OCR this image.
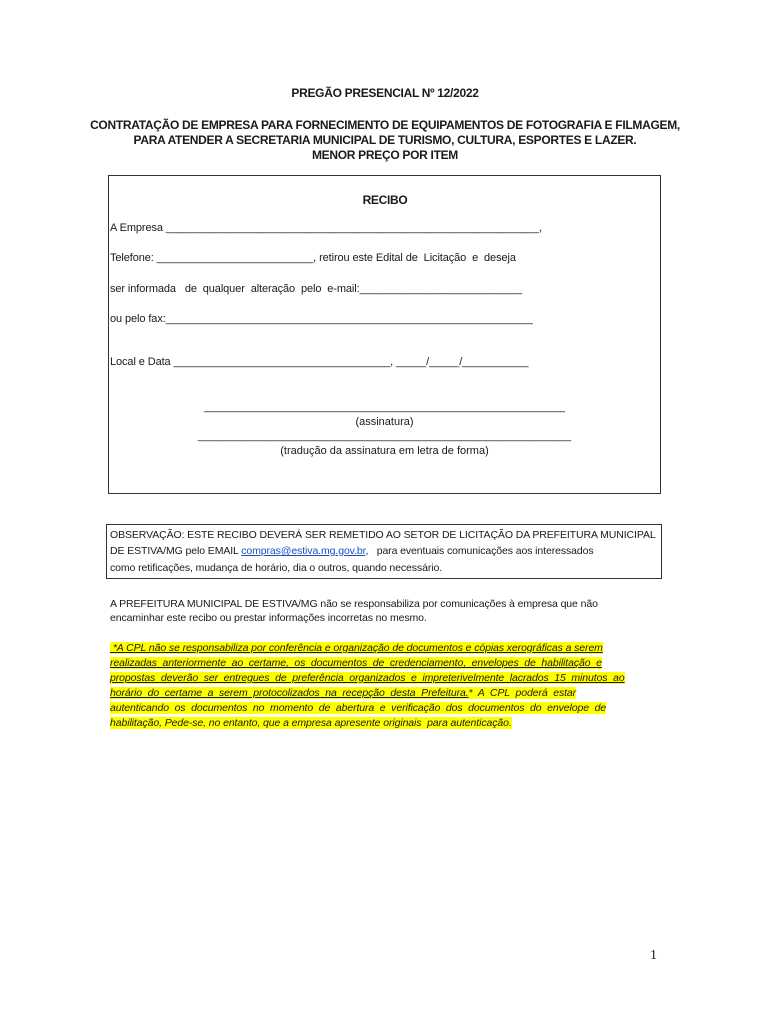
PREGÃO PRESENCIAL Nº 12/2022
CONTRATAÇÃO DE EMPRESA PARA FORNECIMENTO DE EQUIPAMENTOS DE FOTOGRAFIA E FILMAGEM,
PARA ATENDER A SECRETARIA MUNICIPAL DE TURISMO, CULTURA, ESPORTES E LAZER.
MENOR PREÇO POR ITEM
RECIBO
A Empresa ______________________________________________________________,
Telefone: __________________________, retirou este Edital de  Licitação  e  deseja
ser informada   de  qualquer  alteração  pelo  e-mail:___________________________
ou pelo fax:_____________________________________________________________
Local e Data ____________________________________, _____/_____/___________
___________________________________________________________
(assinatura)
_____________________________________________________________
(tradução da assinatura em letra de forma)
OBSERVAÇÃO: ESTE RECIBO DEVERÁ SER REMETIDO AO SETOR DE LICITAÇÃO DA PREFEITURA MUNICIPAL
DE ESTIVA/MG pelo EMAIL compras@estiva.mg.gov.br,   para eventuais comunicações aos interessados
como retificações, mudança de horário, dia o outros, quando necessário.
A PREFEITURA MUNICIPAL DE ESTIVA/MG não se responsabiliza por comunicações à empresa que não
encaminhar este recibo ou prestar informações incorretas no mesmo.
*A CPL não se responsabiliza por conferência e organização de documentos e cópias xerográficas a serem
realizadas  anteriormente  ao  certame,  os  documentos  de  credenciamento,  envelopes  de  habilitação  e
propostas  deverão  ser  entregues  de  preferência  organizados  e  impreterivelmente  lacrados  15  minutos  ao
horário  do  certame  a  serem  protocolizados  na  recepção  desta  Prefeitura.*  A  CPL  poderá  estar
autenticando  os  documentos  no  momento  de  abertura  e  verificação  dos  documentos  do  envelope  de
habilitação, Pede-se, no entanto, que a empresa apresente originais  para autenticação.
1
